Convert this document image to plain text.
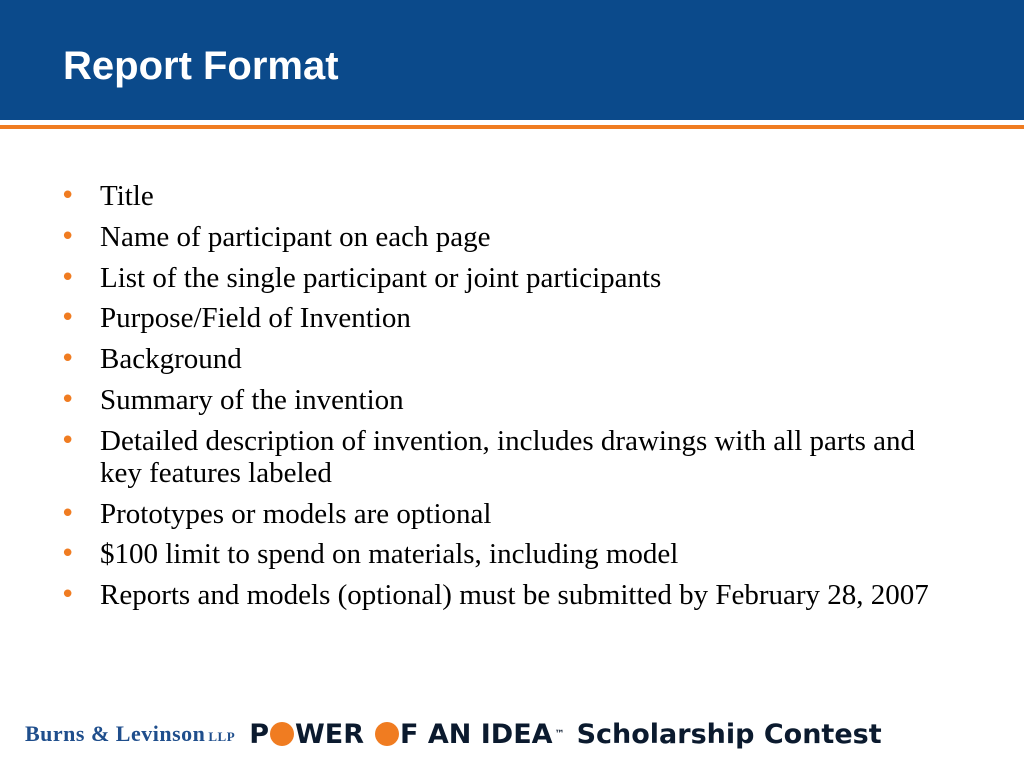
Report Format
• Title
• Name of participant on each page
• List of the single participant or joint participants
• Purpose/Field of Invention
• Background
• Summary of the invention
• Detailed description of invention, includes drawings with all parts and key features labeled
• Prototypes or models are optional
• $100 limit to spend on materials, including model
• Reports and models (optional) must be submitted by February 28, 2007
Burns & Levinson LLP P WER F AN IDEA ™ Scholarship Contest
